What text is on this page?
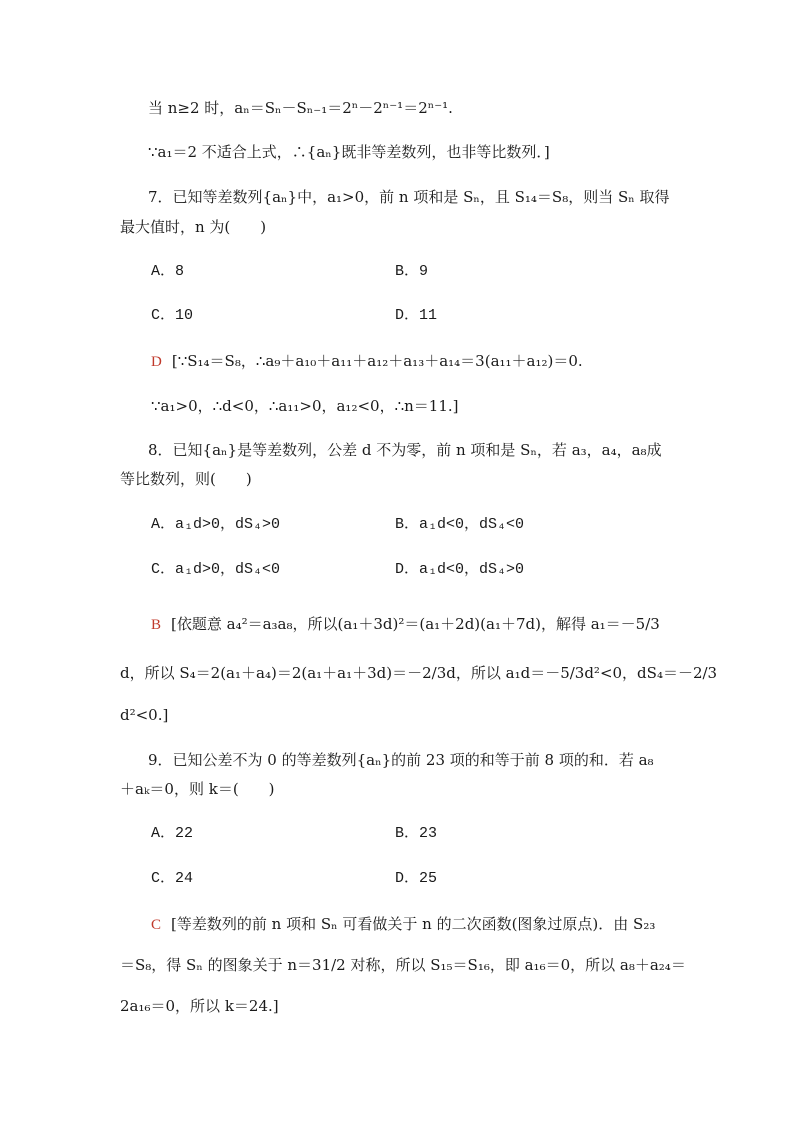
当 n≥2 时，aₙ＝Sₙ－Sₙ₋₁＝2ⁿ－2ⁿ⁻¹＝2ⁿ⁻¹.
∵a₁＝2 不适合上式，∴{aₙ}既非等差数列，也非等比数列．]
7．已知等差数列{aₙ}中，a₁>0，前 n 项和是 Sₙ，且 S₁₄＝S₈，则当 Sₙ 取得
最大值时，n 为(　　)
A．8	B．9
C．10	D．11
D [∵S₁₄＝S₈，∴a₉＋a₁₀＋a₁₁＋a₁₂＋a₁₃＋a₁₄＝3(a₁₁＋a₁₂)＝0.
∵a₁>0，∴d<0，∴a₁₁>0，a₁₂<0，∴n＝11.]
8．已知{aₙ}是等差数列，公差 d 不为零，前 n 项和是 Sₙ，若 a₃，a₄，a₈成
等比数列，则(　　)
A．a₁d>0，dS₄>0	B．a₁d<0，dS₄<0
C．a₁d>0，dS₄<0	D．a₁d<0，dS₄>0
B [依题意 a₄²＝a₃a₈，所以(a₁＋3d)²＝(a₁＋2d)(a₁＋7d)，解得 a₁＝－5/3
d，所以 S₄＝2(a₁＋a₄)＝2(a₁＋a₁＋3d)＝－2/3d，所以 a₁d＝－5/3d²<0，dS₄＝－2/3
d²<0.]
9．已知公差不为 0 的等差数列{aₙ}的前 23 项的和等于前 8 项的和．若 a₈
＋aₖ＝0，则 k＝(　　)
A．22	B．23
C．24	D．25
C [等差数列的前 n 项和 Sₙ 可看做关于 n 的二次函数(图象过原点)．由 S₂₃
＝S₈，得 Sₙ 的图象关于 n＝31/2 对称，所以 S₁₅＝S₁₆，即 a₁₆＝0，所以 a₈＋a₂₄＝
2a₁₆＝0，所以 k＝24.]
